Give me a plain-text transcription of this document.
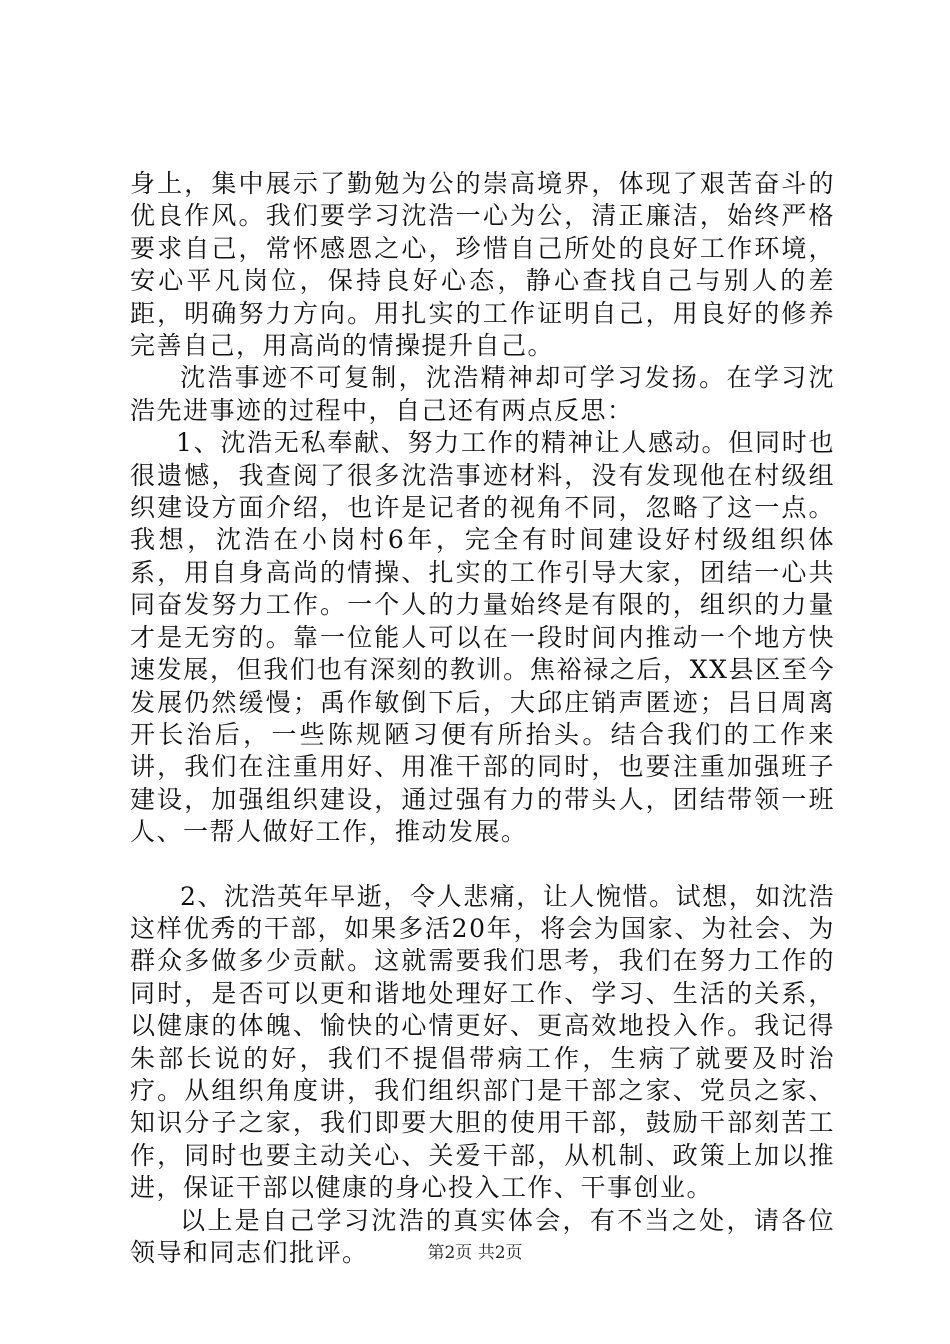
身上，集中展示了勤勉为公的崇高境界，体现了艰苦奋斗的优良作风。我们要学习沈浩一心为公，清正廉洁，始终严格要求自己，常怀感恩之心，珍惜自己所处的良好工作环境，安心平凡岗位，保持良好心态，静心查找自己与别人的差距，明确努力方向。用扎实的工作证明自己，用良好的修养完善自己，用高尚的情操提升自己。

沈浩事迹不可复制，沈浩精神却可学习发扬。在学习沈浩先进事迹的过程中，自己还有两点反思：

1、沈浩无私奉献、努力工作的精神让人感动。但同时也很遗憾，我查阅了很多沈浩事迹材料，没有发现他在村级组织建设方面介绍，也许是记者的视角不同，忽略了这一点。我想，沈浩在小岗村6年，完全有时间建设好村级组织体系，用自身高尚的情操、扎实的工作引导大家，团结一心共同奋发努力工作。一个人的力量始终是有限的，组织的力量才是无穷的。靠一位能人可以在一段时间内推动一个地方快速发展，但我们也有深刻的教训。焦裕禄之后，XX县区至今发展仍然缓慢；禹作敏倒下后，大邱庄销声匿迹；吕日周离开长治后，一些陈规陋习便有所抬头。结合我们的工作来讲，我们在注重用好、用准干部的同时，也要注重加强班子建设，加强组织建设，通过强有力的带头人，团结带领一班人、一帮人做好工作，推动发展。

2、沈浩英年早逝，令人悲痛，让人惋惜。试想，如沈浩这样优秀的干部，如果多活20年，将会为国家、为社会、为群众多做多少贡献。这就需要我们思考，我们在努力工作的同时，是否可以更和谐地处理好工作、学习、生活的关系，以健康的体魄、愉快的心情更好、更高效地投入作。我记得朱部长说的好，我们不提倡带病工作，生病了就要及时治疗。从组织角度讲，我们组织部门是干部之家、党员之家、知识分子之家，我们即要大胆的使用干部，鼓励干部刻苦工作，同时也要主动关心、关爱干部，从机制、政策上加以推进，保证干部以健康的身心投入工作、干事创业。

以上是自己学习沈浩的真实体会，有不当之处，请各位领导和同志们批评。	第2页 共2页
